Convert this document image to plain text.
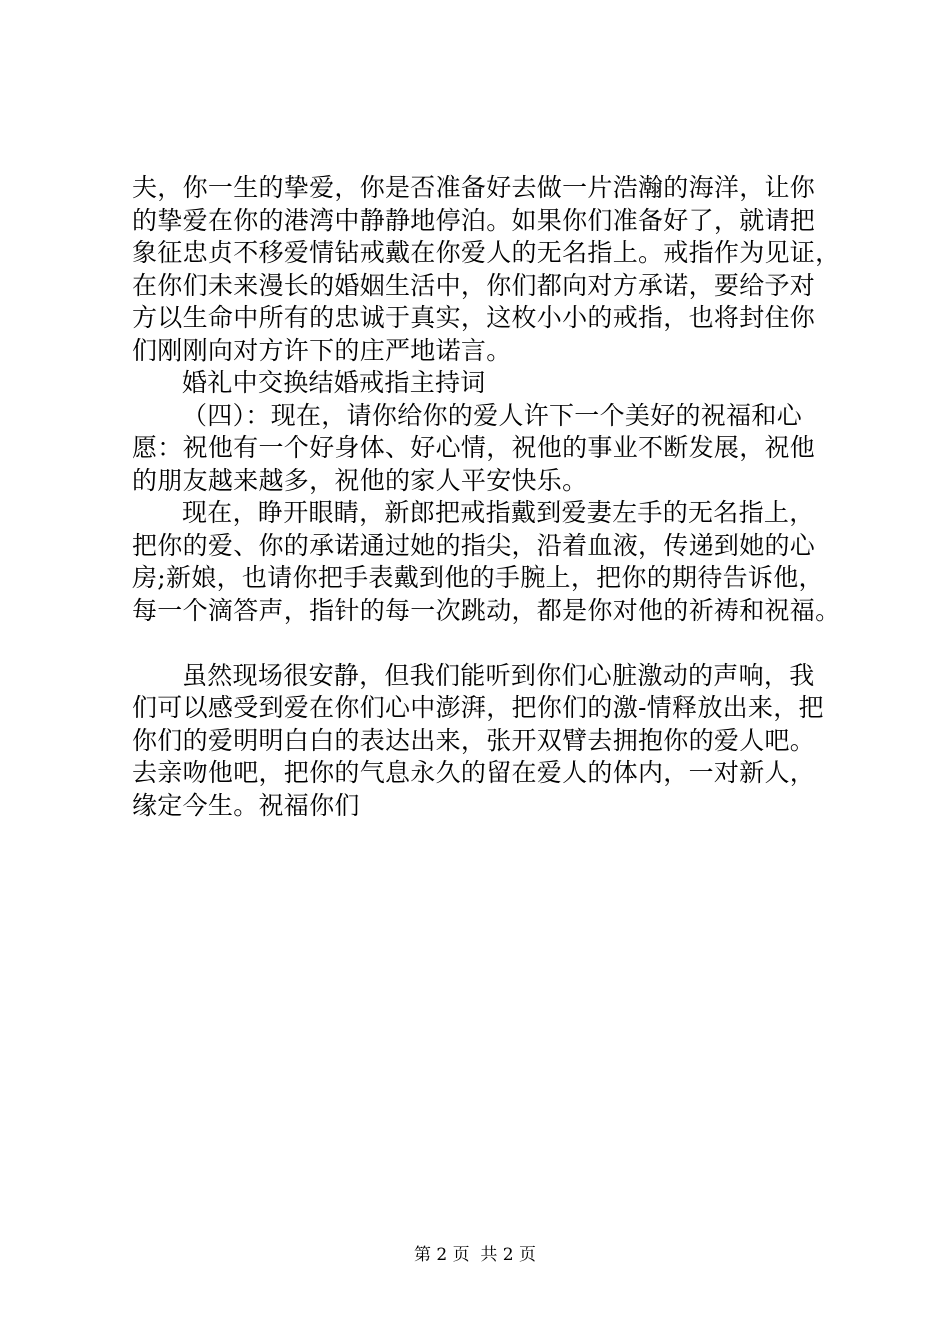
夫，你一生的挚爱，你是否准备好去做一片浩瀚的海洋，让你
的挚爱在你的港湾中静静地停泊。如果你们准备好了，就请把
象征忠贞不移爱情钻戒戴在你爱人的无名指上。戒指作为见证，
在你们未来漫长的婚姻生活中，你们都向对方承诺，要给予对
方以生命中所有的忠诚于真实，这枚小小的戒指，也将封住你
们刚刚向对方许下的庄严地诺言。
婚礼中交换结婚戒指主持词
（四）：现在，请你给你的爱人许下一个美好的祝福和心
愿：祝他有一个好身体、好心情，祝他的事业不断发展，祝他
的朋友越来越多，祝他的家人平安快乐。
现在，睁开眼睛，新郎把戒指戴到爱妻左手的无名指上，
把你的爱、你的承诺通过她的指尖，沿着血液，传递到她的心
房;新娘，也请你把手表戴到他的手腕上，把你的期待告诉他，
每一个滴答声，指针的每一次跳动，都是你对他的祈祷和祝福。
虽然现场很安静，但我们能听到你们心脏激动的声响，我
们可以感受到爱在你们心中澎湃，把你们的激-情释放出来，把
你们的爱明明白白的表达出来，张开双臂去拥抱你的爱人吧。
去亲吻他吧，把你的气息永久的留在爱人的体内，一对新人，
缘定今生。祝福你们
第 2 页  共 2 页
